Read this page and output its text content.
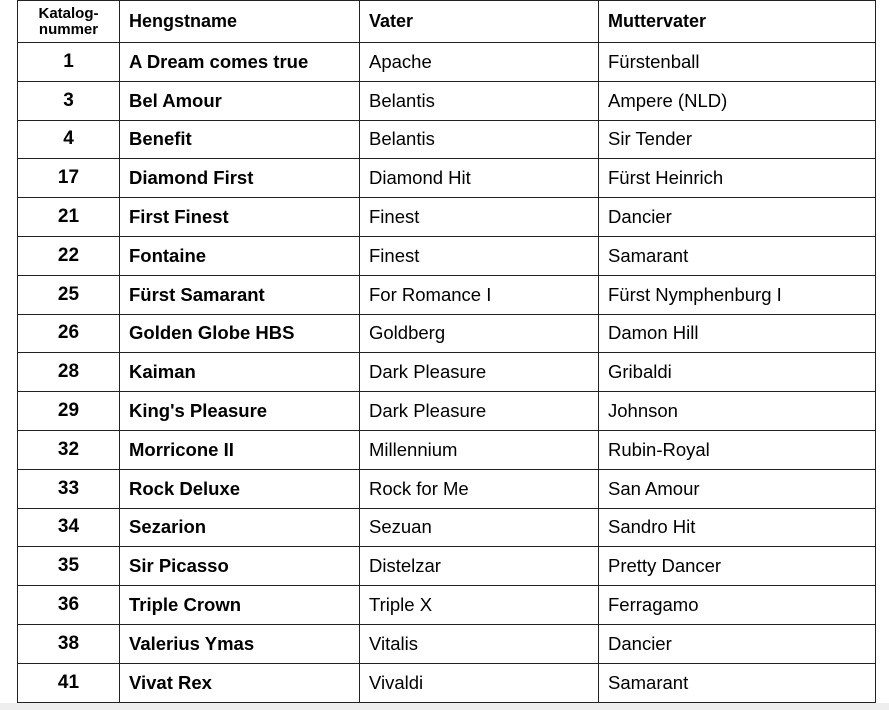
Katalog-
nummer	Hengstname	Vater	Muttervater
1	A Dream comes true	Apache	Fürstenball
3	Bel Amour	Belantis	Ampere (NLD)
4	Benefit	Belantis	Sir Tender
17	Diamond First	Diamond Hit	Fürst Heinrich
21	First Finest	Finest	Dancier
22	Fontaine	Finest	Samarant
25	Fürst Samarant	For Romance I	Fürst Nymphenburg I
26	Golden Globe HBS	Goldberg	Damon Hill
28	Kaiman	Dark Pleasure	Gribaldi
29	King's Pleasure	Dark Pleasure	Johnson
32	Morricone II	Millennium	Rubin-Royal
33	Rock Deluxe	Rock for Me	San Amour
34	Sezarion	Sezuan	Sandro Hit
35	Sir Picasso	Distelzar	Pretty Dancer
36	Triple Crown	Triple X	Ferragamo
38	Valerius Ymas	Vitalis	Dancier
41	Vivat Rex	Vivaldi	Samarant
